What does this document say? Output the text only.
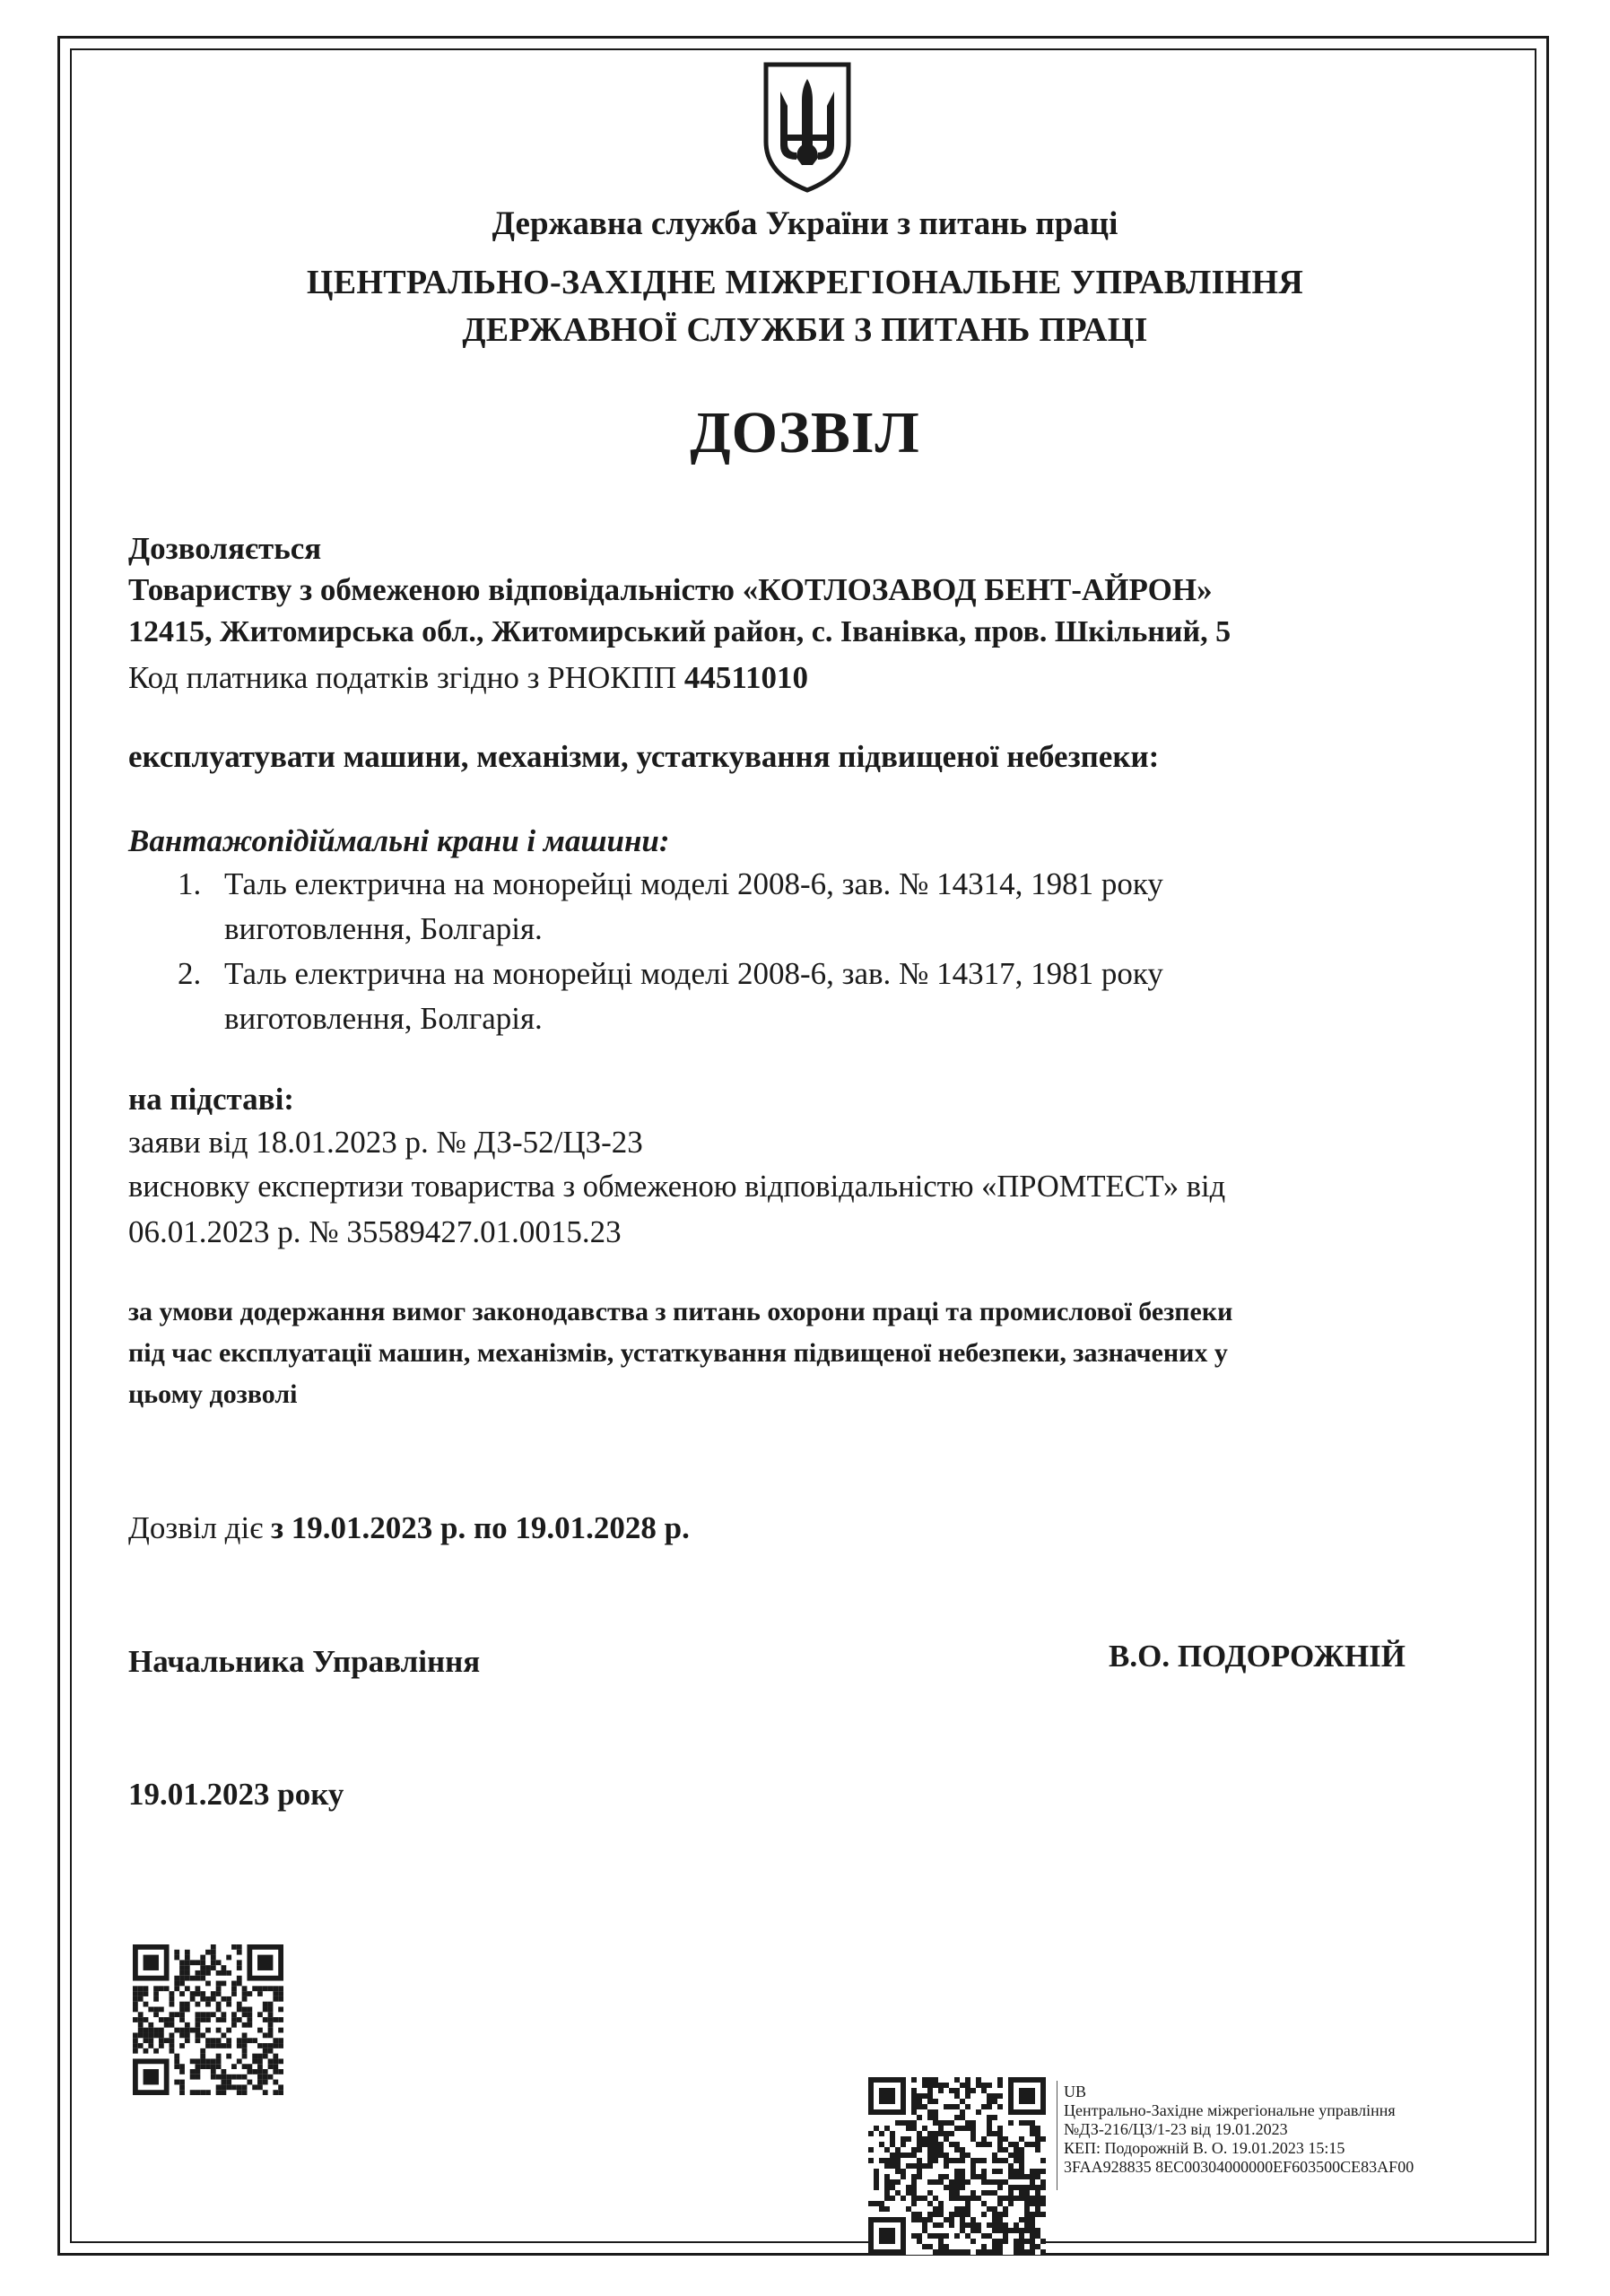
Державна служба України з питань праці
ЦЕНТРАЛЬНО-ЗАХІДНЕ МІЖРЕГІОНАЛЬНЕ УПРАВЛІННЯ
ДЕРЖАВНОЇ СЛУЖБИ З ПИТАНЬ ПРАЦІ
ДОЗВІЛ
Дозволяється
Товариству з обмеженою відповідальністю «КОТЛОЗАВОД БЕНТ-АЙРОН»
12415, Житомирська обл., Житомирський район, с. Іванівка, пров. Шкільний, 5
Код платника податків згідно з РНОКПП 44511010
експлуатувати машини, механізми, устаткування підвищеної небезпеки:
Вантажопідіймальні крани і машини:
1. Таль електрична на монорейці моделі 2008-6, зав. № 14314, 1981 року
виготовлення, Болгарія.
2. Таль електрична на монорейці моделі 2008-6, зав. № 14317, 1981 року
виготовлення, Болгарія.
на підставі:
заяви від 18.01.2023 р. № ДЗ-52/ЦЗ-23
висновку експертизи товариства з обмеженою відповідальністю «ПРОМТЕСТ» від
06.01.2023 р. № 35589427.01.0015.23
за умови додержання вимог законодавства з питань охорони праці та промислової безпеки
під час експлуатації машин, механізмів, устаткування підвищеної небезпеки, зазначених у
цьому дозволі
Дозвіл діє з 19.01.2023 р. по 19.01.2028 р.
Начальника Управління	В.О. ПОДОРОЖНІЙ
19.01.2023 року
UB
Центрально-Західне міжрегіональне управління
№ДЗ-216/ЦЗ/1-23 від 19.01.2023
КЕП: Подорожній В. О. 19.01.2023 15:15
3FAA928835 8EC00304000000EF603500CE83AF00
